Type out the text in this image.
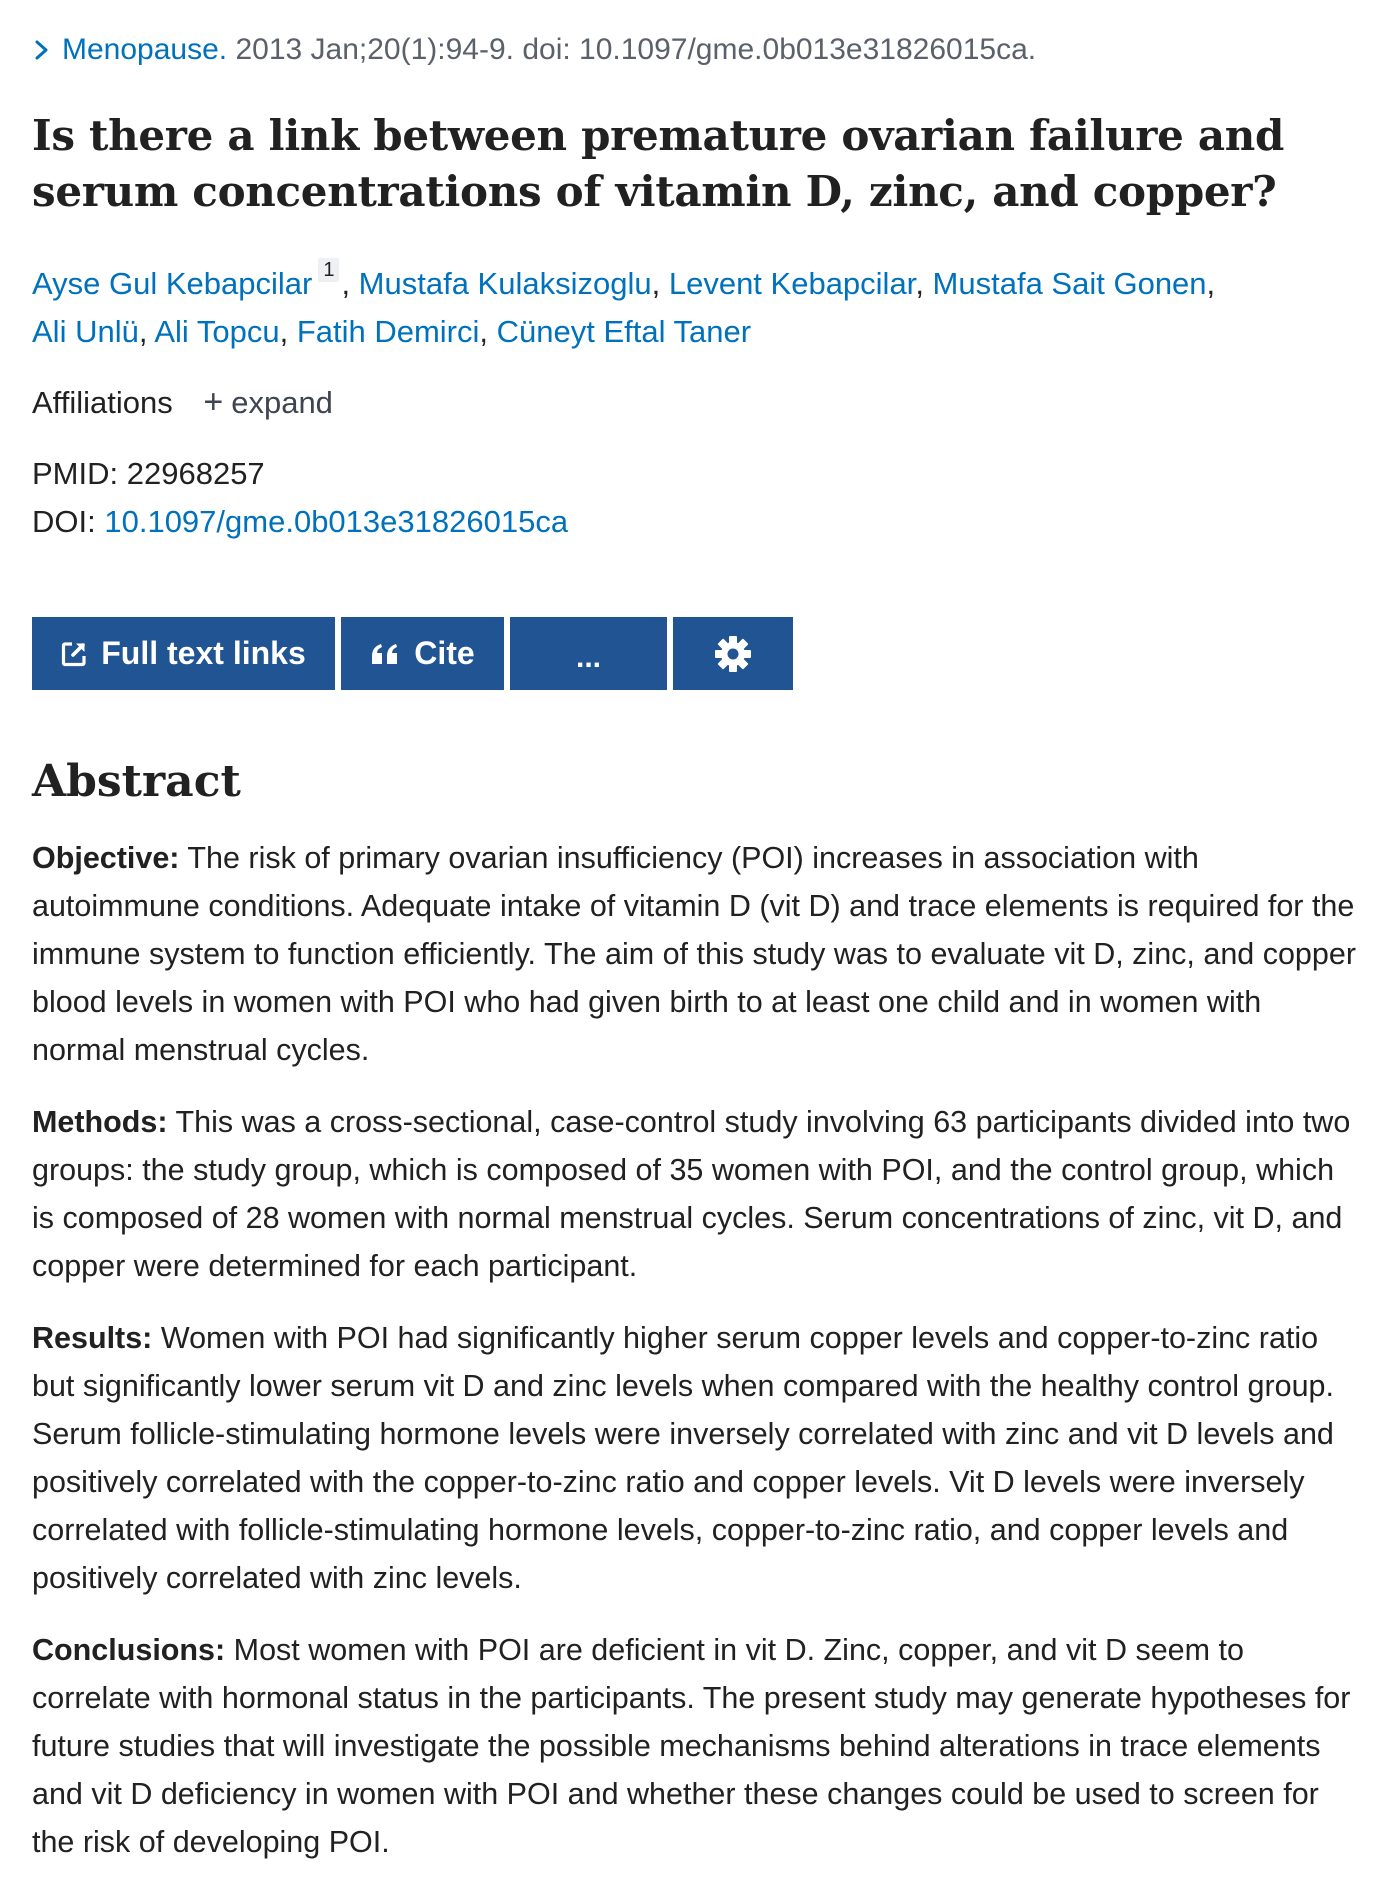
Menopause. 2013 Jan;20(1):94-9. doi: 10.1097/gme.0b013e31826015ca.
Is there a link between premature ovarian failure and serum concentrations of vitamin D, zinc, and copper?
Ayse Gul Kebapcilar 1 , Mustafa Kulaksizoglu, Levent Kebapcilar, Mustafa Sait Gonen,
Ali Unlü, Ali Topcu, Fatih Demirci, Cüneyt Eftal Taner
Affiliations + expand
PMID: 22968257
DOI: 10.1097/gme.0b013e31826015ca
Full text links	Cite	...
Abstract

Objective: The risk of primary ovarian insufficiency (POI) increases in association with autoimmune conditions. Adequate intake of vitamin D (vit D) and trace elements is required for the immune system to function efficiently. The aim of this study was to evaluate vit D, zinc, and copper blood levels in women with POI who had given birth to at least one child and in women with normal menstrual cycles.

Methods: This was a cross-sectional, case-control study involving 63 participants divided into two groups: the study group, which is composed of 35 women with POI, and the control group, which is composed of 28 women with normal menstrual cycles. Serum concentrations of zinc, vit D, and copper were determined for each participant.

Results: Women with POI had significantly higher serum copper levels and copper-to-zinc ratio but significantly lower serum vit D and zinc levels when compared with the healthy control group. Serum follicle-stimulating hormone levels were inversely correlated with zinc and vit D levels and positively correlated with the copper-to-zinc ratio and copper levels. Vit D levels were inversely correlated with follicle-stimulating hormone levels, copper-to-zinc ratio, and copper levels and positively correlated with zinc levels.

Conclusions: Most women with POI are deficient in vit D. Zinc, copper, and vit D seem to correlate with hormonal status in the participants. The present study may generate hypotheses for future studies that will investigate the possible mechanisms behind alterations in trace elements and vit D deficiency in women with POI and whether these changes could be used to screen for the risk of developing POI.
